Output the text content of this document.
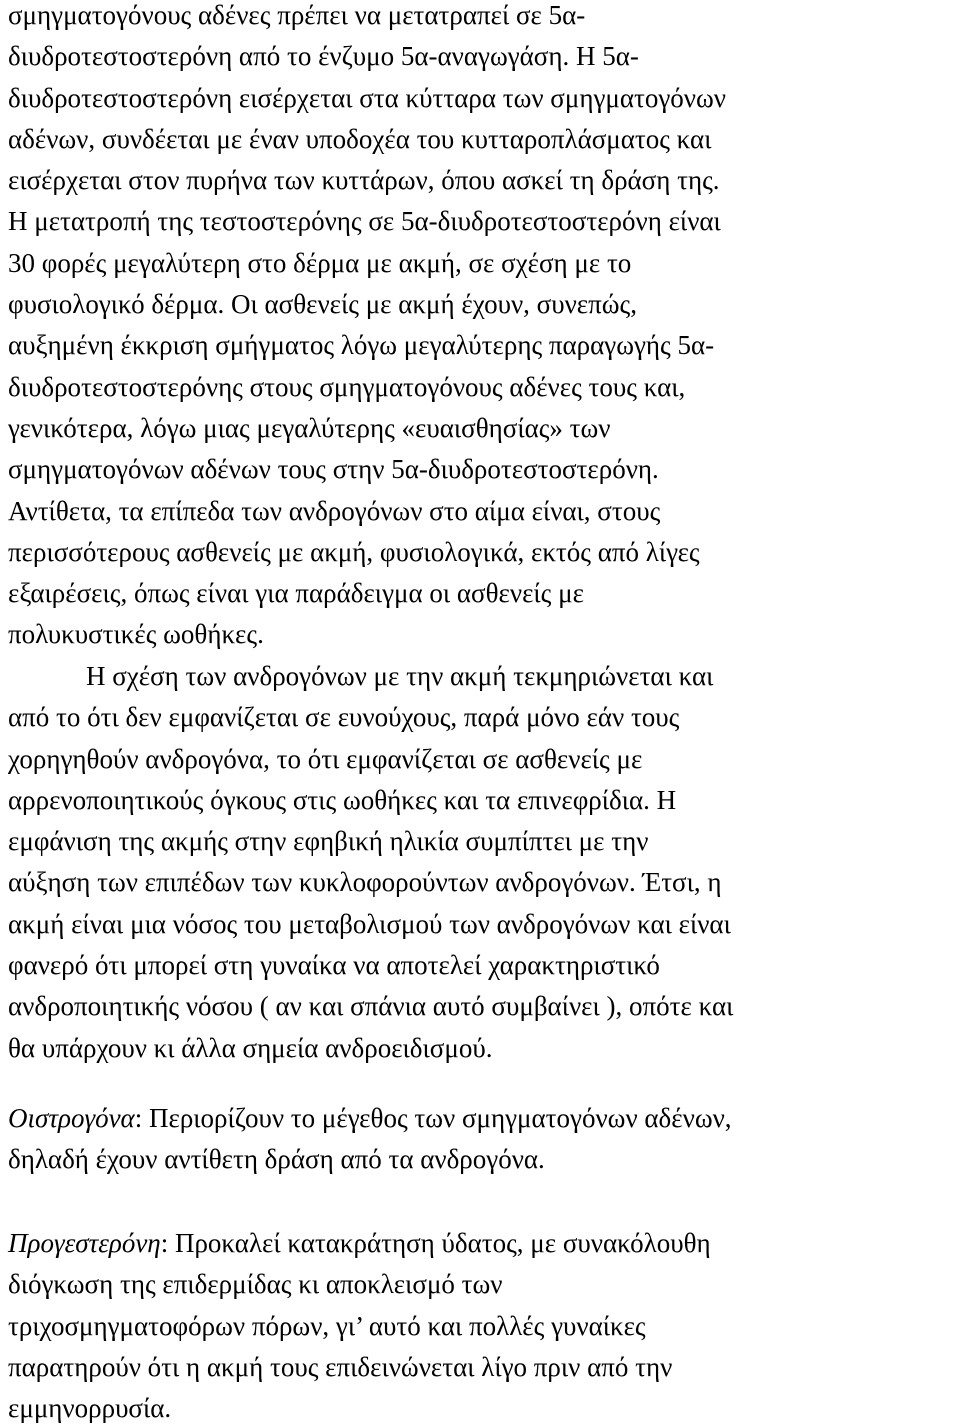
σμηγματογόνους αδένες πρέπει να μετατραπεί σε 5α-
διυδροτεστοστερόνη από το ένζυμο 5α-αναγωγάση. Η 5α-
διυδροτεστοστερόνη εισέρχεται στα κύτταρα των σμηγματογόνων
αδένων, συνδέεται με έναν υποδοχέα του κυτταροπλάσματος και
εισέρχεται στον πυρήνα των κυττάρων, όπου ασκεί τη δράση της.
Η μετατροπή της τεστοστερόνης σε 5α-διυδροτεστοστερόνη είναι
30 φορές μεγαλύτερη στο δέρμα με ακμή, σε σχέση με το
φυσιολογικό δέρμα. Οι ασθενείς με ακμή έχουν, συνεπώς,
αυξημένη έκκριση σμήγματος λόγω μεγαλύτερης παραγωγής 5α-
διυδροτεστοστερόνης στους σμηγματογόνους αδένες τους και,
γενικότερα, λόγω μιας μεγαλύτερης «ευαισθησίας» των
σμηγματογόνων αδένων τους στην 5α-διυδροτεστοστερόνη.
Αντίθετα, τα επίπεδα των ανδρογόνων στο αίμα είναι, στους
περισσότερους ασθενείς με ακμή, φυσιολογικά, εκτός από λίγες
εξαιρέσεις, όπως είναι για παράδειγμα οι ασθενείς με
πολυκυστικές ωοθήκες.

Η σχέση των ανδρογόνων με την ακμή τεκμηριώνεται και
από το ότι δεν εμφανίζεται σε ευνούχους, παρά μόνο εάν τους
χορηγηθούν ανδρογόνα, το ότι εμφανίζεται σε ασθενείς με
αρρενοποιητικούς όγκους στις ωοθήκες και τα επινεφρίδια. Η
εμφάνιση της ακμής στην εφηβική ηλικία συμπίπτει με την
αύξηση των επιπέδων των κυκλοφορούντων ανδρογόνων. Έτσι, η
ακμή είναι μια νόσος του μεταβολισμού των ανδρογόνων και είναι
φανερό ότι μπορεί στη γυναίκα να αποτελεί χαρακτηριστικό
ανδροποιητικής νόσου ( αν και σπάνια αυτό συμβαίνει ), οπότε και
θα υπάρχουν κι άλλα σημεία ανδροειδισμού.

Οιστρογόνα: Περιορίζουν το μέγεθος των σμηγματογόνων αδένων,
δηλαδή έχουν αντίθετη δράση από τα ανδρογόνα.

Προγεστερόνη: Προκαλεί κατακράτηση ύδατος, με συνακόλουθη
διόγκωση της επιδερμίδας κι αποκλεισμό των
τριχοσμηγματοφόρων πόρων, γι’ αυτό και πολλές γυναίκες
παρατηρούν ότι η ακμή τους επιδεινώνεται λίγο πριν από την
εμμηνορρυσία.
